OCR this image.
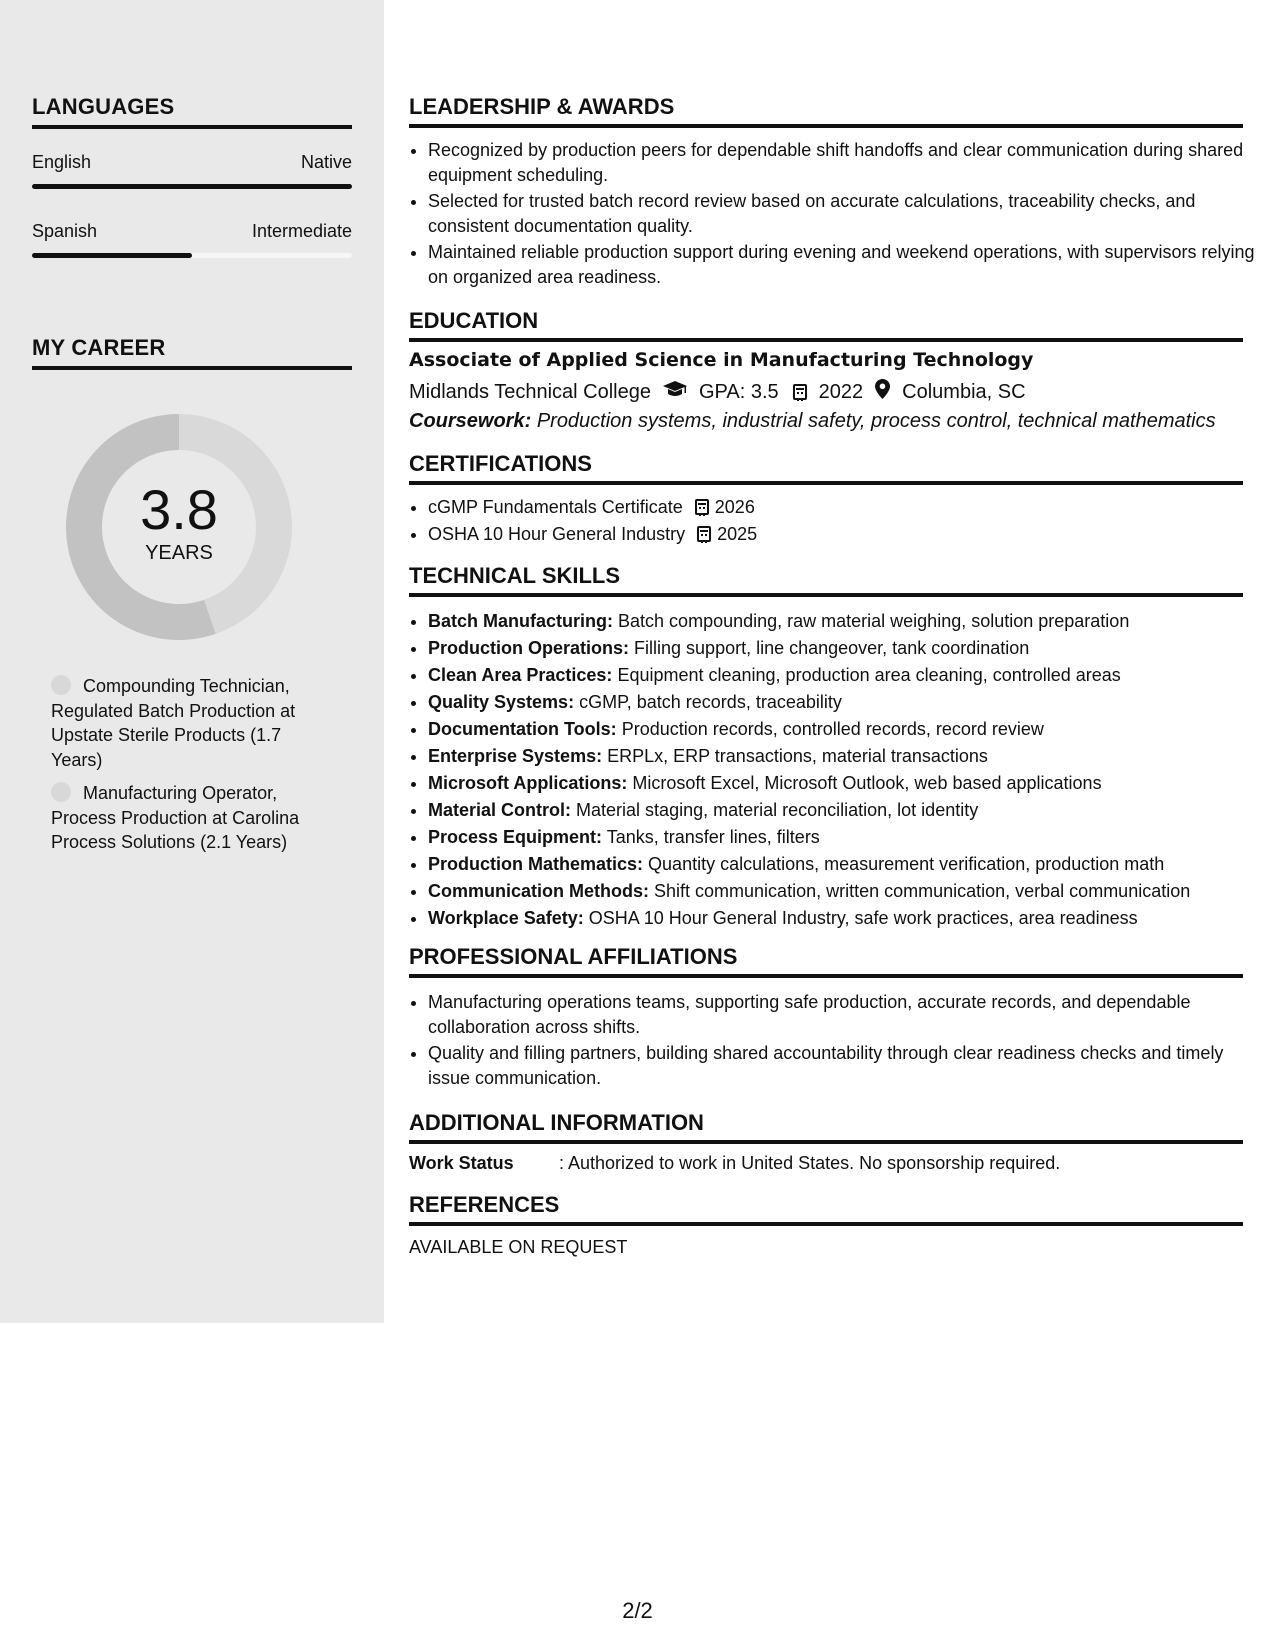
LANGUAGES
English	Native
Spanish	Intermediate
MY CAREER
3.8
YEARS
Compounding Technician, Regulated Batch Production at Upstate Sterile Products (1.7 Years)
Manufacturing Operator, Process Production at Carolina Process Solutions (2.1 Years)
LEADERSHIP & AWARDS
• Recognized by production peers for dependable shift handoffs and clear communication during shared equipment scheduling.
• Selected for trusted batch record review based on accurate calculations, traceability checks, and consistent documentation quality.
• Maintained reliable production support during evening and weekend operations, with supervisors relying on organized area readiness.
EDUCATION
Associate of Applied Science in Manufacturing Technology
Midlands Technical College GPA: 3.5 2022 Columbia, SC
Coursework: Production systems, industrial safety, process control, technical mathematics
CERTIFICATIONS
• cGMP Fundamentals Certificate 2026
• OSHA 10 Hour General Industry 2025
TECHNICAL SKILLS
• Batch Manufacturing: Batch compounding, raw material weighing, solution preparation
• Production Operations: Filling support, line changeover, tank coordination
• Clean Area Practices: Equipment cleaning, production area cleaning, controlled areas
• Quality Systems: cGMP, batch records, traceability
• Documentation Tools: Production records, controlled records, record review
• Enterprise Systems: ERPLx, ERP transactions, material transactions
• Microsoft Applications: Microsoft Excel, Microsoft Outlook, web based applications
• Material Control: Material staging, material reconciliation, lot identity
• Process Equipment: Tanks, transfer lines, filters
• Production Mathematics: Quantity calculations, measurement verification, production math
• Communication Methods: Shift communication, written communication, verbal communication
• Workplace Safety: OSHA 10 Hour General Industry, safe work practices, area readiness
PROFESSIONAL AFFILIATIONS
• Manufacturing operations teams, supporting safe production, accurate records, and dependable collaboration across shifts.
• Quality and filling partners, building shared accountability through clear readiness checks and timely issue communication.
ADDITIONAL INFORMATION
Work Status	: Authorized to work in United States. No sponsorship required.
REFERENCES
AVAILABLE ON REQUEST
2/2
